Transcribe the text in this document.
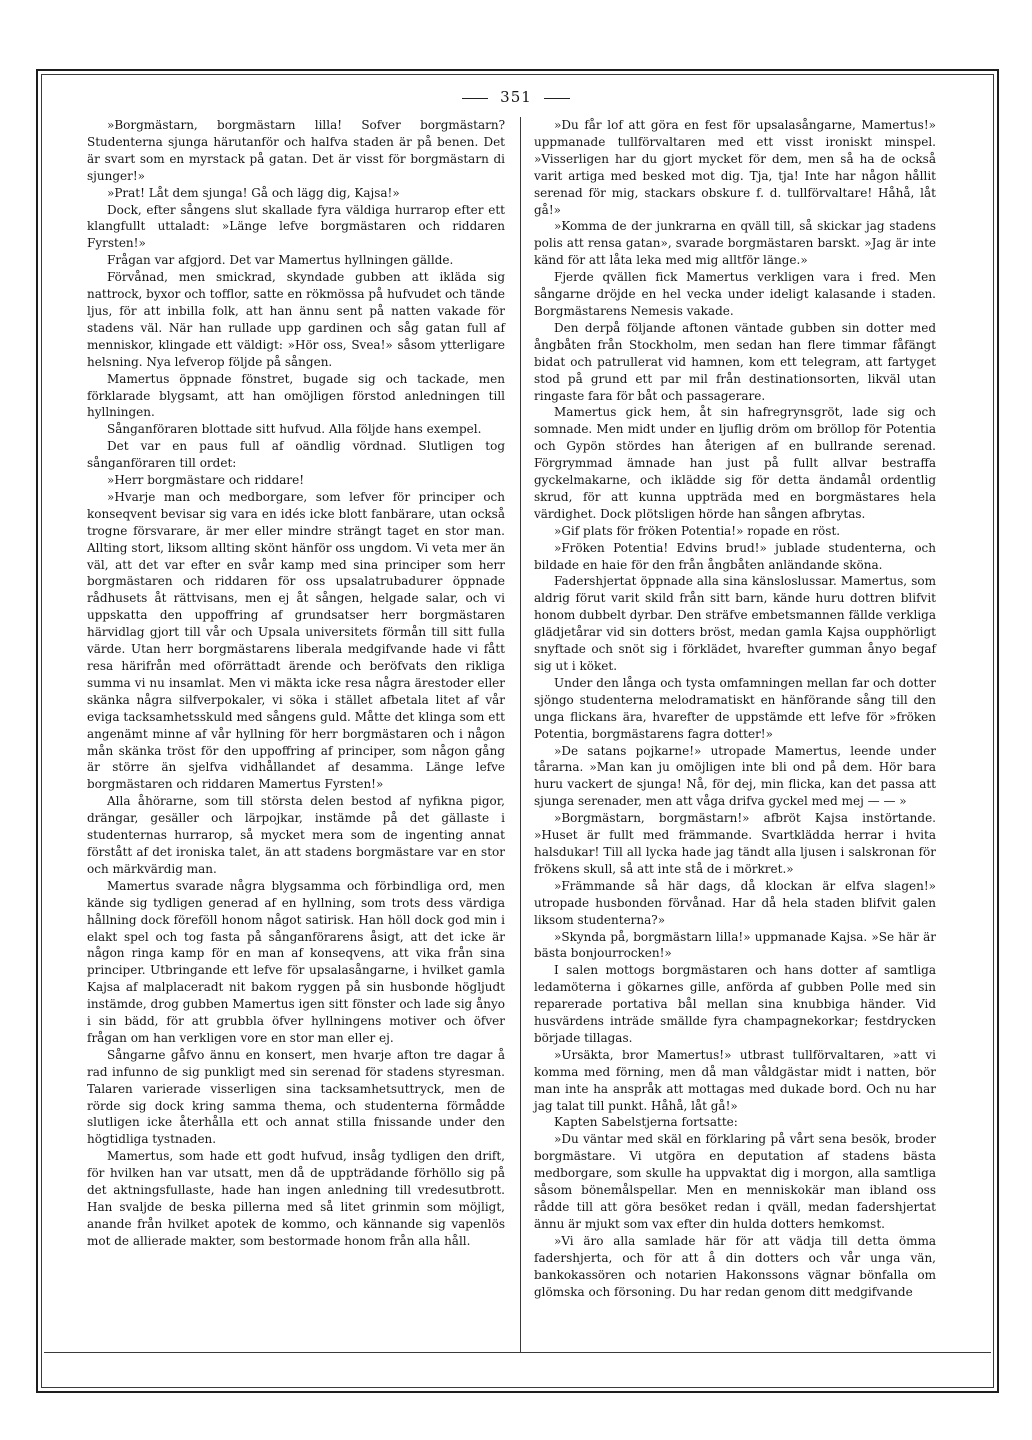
351

»Borgmästarn, borgmästarn lilla! Sofver borgmästarn? Studenterna sjunga härutanför och halfva staden är på benen. Det är svart som en myrstack på gatan. Det är visst för borgmästarn di sjunger!»

»Prat! Låt dem sjunga! Gå och lägg dig, Kajsa!»

Dock, efter sångens slut skallade fyra väldiga hurrarop efter ett klangfullt uttaladt: »Länge lefve borgmästaren och riddaren Fyrsten!»

Frågan var afgjord. Det var Mamertus hyllningen gällde.

Förvånad, men smickrad, skyndade gubben att ikläda sig nattrock, byxor och tofflor, satte en rökmössa på hufvudet och tände ljus, för att inbilla folk, att han ännu sent på natten vakade för stadens väl. När han rullade upp gardinen och såg gatan full af menniskor, klingade ett väldigt: »Hör oss, Svea!» såsom ytterligare helsning. Nya lefverop följde på sången.

Mamertus öppnade fönstret, bugade sig och tackade, men förklarade blygsamt, att han omöjligen förstod anledningen till hyllningen.

Sånganföraren blottade sitt hufvud. Alla följde hans exempel.

Det var en paus full af oändlig vördnad. Slutligen tog sånganföraren till ordet:

»Herr borgmästare och riddare!

»Hvarje man och medborgare, som lefver för principer och konseqvent bevisar sig vara en idés icke blott fanbärare, utan också trogne försvarare, är mer eller mindre strängt taget en stor man. Allting stort, liksom allting skönt hänför oss ungdom. Vi veta mer än väl, att det var efter en svår kamp med sina principer som herr borgmästaren och riddaren för oss upsalatrubadurer öppnade rådhusets åt rättvisans, men ej åt sången, helgade salar, och vi uppskatta den uppoffring af grundsatser herr borgmästaren härvidlag gjort till vår och Upsala universitets förmån till sitt fulla värde. Utan herr borgmästarens liberala medgifvande hade vi fått resa härifrån med oförrättadt ärende och beröfvats den rikliga summa vi nu insamlat. Men vi mäkta icke resa några ärestoder eller skänka några silfverpokaler, vi söka i stället afbetala litet af vår eviga tacksamhetsskuld med sångens guld. Måtte det klinga som ett angenämt minne af vår hyllning för herr borgmästaren och i någon mån skänka tröst för den uppoffring af principer, som någon gång är större än sjelfva vidhållandet af desamma. Länge lefve borgmästaren och riddaren Mamertus Fyrsten!»

Alla åhörarne, som till största delen bestod af nyfikna pigor, drängar, gesäller och lärpojkar, instämde på det gällaste i studenternas hurrarop, så mycket mera som de ingenting annat förstått af det ironiska talet, än att stadens borgmästare var en stor och märkvärdig man.

Mamertus svarade några blygsamma och förbindliga ord, men kände sig tydligen generad af en hyllning, som trots dess värdiga hållning dock föreföll honom något satirisk. Han höll dock god min i elakt spel och tog fasta på sånganförarens åsigt, att det icke är någon ringa kamp för en man af konseqvens, att vika från sina principer. Utbringande ett lefve för upsalasångarne, i hvilket gamla Kajsa af malplaceradt nit bakom ryggen på sin husbonde högljudt instämde, drog gubben Mamertus igen sitt fönster och lade sig ånyo i sin bädd, för att grubbla öfver hyllningens motiver och öfver frågan om han verkligen vore en stor man eller ej.

Sångarne gåfvo ännu en konsert, men hvarje afton tre dagar å rad infunno de sig punkligt med sin serenad för stadens styresman. Talaren varierade visserligen sina tacksamhetsuttryck, men de rörde sig dock kring samma thema, och studenterna förmådde slutligen icke återhålla ett och annat stilla fnissande under den högtidliga tystnaden.

Mamertus, som hade ett godt hufvud, insåg tydligen den drift, för hvilken han var utsatt, men då de uppträdande förhöllo sig på det aktningsfullaste, hade han ingen anledning till vredesutbrott. Han svaljde de beska pillerna med så litet grinmin som möjligt, anande från hvilket apotek de kommo, och kännande sig vapenlös mot de allierade makter, som bestormade honom från alla håll.

»Du får lof att göra en fest för upsalasångarne, Mamertus!» uppmanade tullförvaltaren med ett visst ironiskt minspel. »Visserligen har du gjort mycket för dem, men så ha de också varit artiga med besked mot dig. Tja, tja! Inte har någon hållit serenad för mig, stackars obskure f. d. tullförvaltare! Håhå, låt gå!»

»Komma de der junkrarna en qväll till, så skickar jag stadens polis att rensa gatan», svarade borgmästaren barskt. »Jag är inte känd för att låta leka med mig alltför länge.»

Fjerde qvällen fick Mamertus verkligen vara i fred. Men sångarne dröjde en hel vecka under ideligt kalasande i staden. Borgmästarens Nemesis vakade.

Den derpå följande aftonen väntade gubben sin dotter med ångbåten från Stockholm, men sedan han flere timmar fåfängt bidat och patrullerat vid hamnen, kom ett telegram, att fartyget stod på grund ett par mil från destinationsorten, likväl utan ringaste fara för båt och passagerare.

Mamertus gick hem, åt sin hafregrynsgröt, lade sig och somnade. Men midt under en ljuflig dröm om bröllop för Potentia och Gypön stördes han återigen af en bullrande serenad. Förgrymmad ämnade han just på fullt allvar bestraffa gyckelmakarne, och iklädde sig för detta ändamål ordentlig skrud, för att kunna uppträda med en borgmästares hela värdighet. Dock plötsligen hörde han sången afbrytas.

»Gif plats för fröken Potentia!» ropade en röst.

»Fröken Potentia! Edvins brud!» jublade studenterna, och bildade en haie för den från ångbåten anländande sköna.

Fadershjertat öppnade alla sina känsloslussar. Mamertus, som aldrig förut varit skild från sitt barn, kände huru dottren blifvit honom dubbelt dyrbar. Den sträfve embetsmannen fällde verkliga glädjetårar vid sin dotters bröst, medan gamla Kajsa oupphörligt snyftade och snöt sig i förklädet, hvarefter gumman ånyo begaf sig ut i köket.

Under den långa och tysta omfamningen mellan far och dotter sjöngo studenterna melodramatiskt en hänförande sång till den unga flickans ära, hvarefter de uppstämde ett lefve för »fröken Potentia, borgmästarens fagra dotter!»

»De satans pojkarne!» utropade Mamertus, leende under tårarna. »Man kan ju omöjligen inte bli ond på dem. Hör bara huru vackert de sjunga! Nå, för dej, min flicka, kan det passa att sjunga serenader, men att våga drifva gyckel med mej — — »

»Borgmästarn, borgmästarn!» afbröt Kajsa instörtande. »Huset är fullt med främmande. Svartklädda herrar i hvita halsdukar! Till all lycka hade jag tändt alla ljusen i salskronan för frökens skull, så att inte stå de i mörkret.»

»Främmande så här dags, då klockan är elfva slagen!» utropade husbonden förvånad. Har då hela staden blifvit galen liksom studenterna?»

»Skynda på, borgmästarn lilla!» uppmanade Kajsa. »Se här är bästa bonjourrocken!»

I salen mottogs borgmästaren och hans dotter af samtliga ledamöterna i gökarnes gille, anförda af gubben Polle med sin reparerade portativa bål mellan sina knubbiga händer. Vid husvärdens inträde smällde fyra champagnekorkar; festdrycken började tillagas.

»Ursäkta, bror Mamertus!» utbrast tullförvaltaren, »att vi komma med förning, men då man våldgästar midt i natten, bör man inte ha anspråk att mottagas med dukade bord. Och nu har jag talat till punkt. Håhå, låt gå!»

Kapten Sabelstjerna fortsatte:

»Du väntar med skäl en förklaring på vårt sena besök, broder borgmästare. Vi utgöra en deputation af stadens bästa medborgare, som skulle ha uppvaktat dig i morgon, alla samtliga såsom bönemålspellar. Men en menniskokär man ibland oss rådde till att göra besöket redan i qväll, medan fadershjertat ännu är mjukt som vax efter din hulda dotters hemkomst.

»Vi äro alla samlade här för att vädja till detta ömma fadershjerta, och för att å din dotters och vår unga vän, bankokassören och notarien Hakonssons vägnar bönfalla om glömska och försoning. Du har redan genom ditt medgifvande
